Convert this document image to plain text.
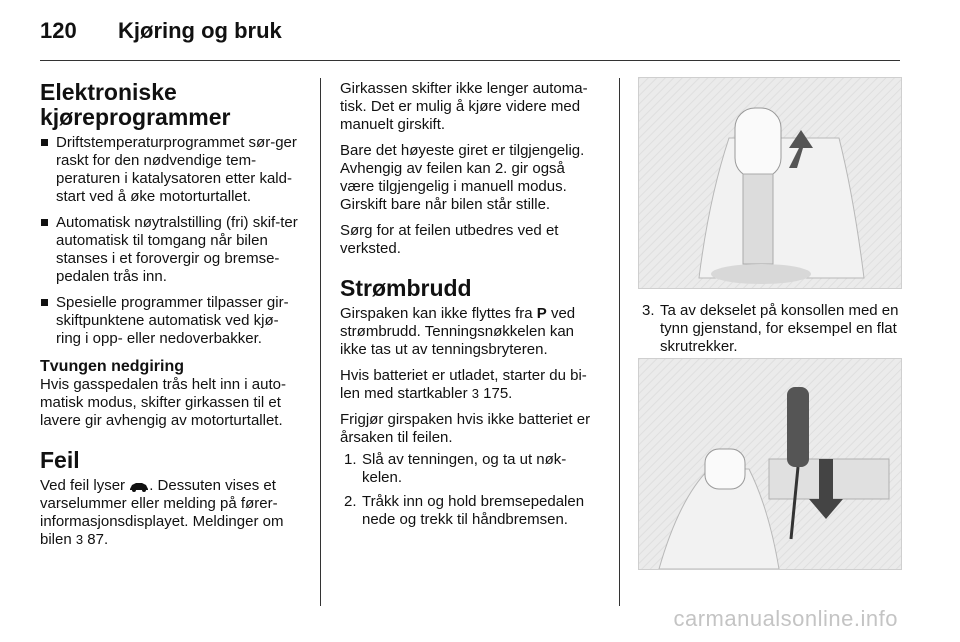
120	Kjøring og bruk
Elektroniske kjøreprogrammer
Driftstemperaturprogrammet sør-ger raskt for den nødvendige tem-peraturen i katalysatoren etter kald-start ved å øke motorturtallet.
Automatisk nøytralstilling (fri) skif-ter automatisk til tomgang når bilen stanses i et forovergir og bremse-pedalen trås inn.
Spesielle programmer tilpasser gir-skiftpunktene automatisk ved kjø-ring i opp- eller nedoverbakker.
Tvungen nedgiring

Hvis gasspedalen trås helt inn i auto-matisk modus, skifter girkassen til et lavere gir avhengig av motorturtallet.

Feil

Ved feil lyser . Dessuten vises et varselummer eller melding på fører-informasjonsdisplayet. Meldinger om bilen 3 87.

Girkassen skifter ikke lenger automa-tisk. Det er mulig å kjøre videre med manuelt girskift.

Bare det høyeste giret er tilgjengelig. Avhengig av feilen kan 2. gir også være tilgjengelig i manuell modus. Girskift bare når bilen står stille.

Sørg for at feilen utbedres ved et verksted.

Strømbrudd

Girspaken kan ikke flyttes fra P ved strømbrudd. Tenningsnøkkelen kan ikke tas ut av tenningsbryteren.

Hvis batteriet er utladet, starter du bi-len med startkabler 3 175.

Frigjør girspaken hvis ikke batteriet er årsaken til feilen.

1. Slå av tenningen, og ta ut nøk-kelen.
2. Tråkk inn og hold bremsepedalen nede og trekk til håndbremsen.
3. Ta av dekselet på konsollen med en tynn gjenstand, for eksempel en flat skrutrekker.
carmanualsonline.info
